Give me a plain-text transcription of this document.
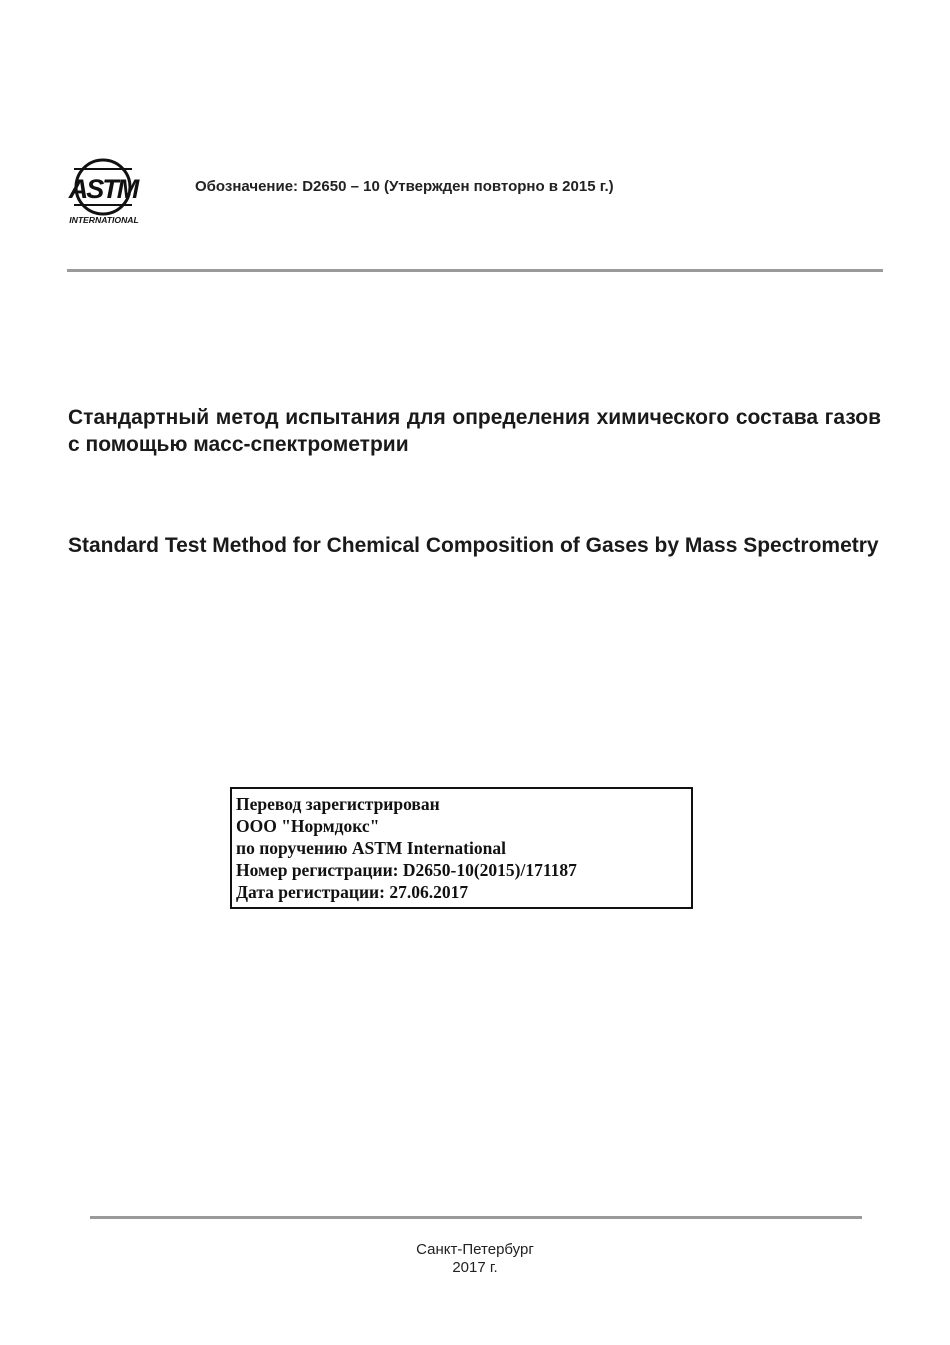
ASTM
INTERNATIONAL
Обозначение: D2650 – 10 (Утвержден повторно в 2015 г.)

Стандартный метод испытания для определения химического состава газов с помощью масс-спектрометрии

Standard Test Method for Chemical Composition of Gases by Mass Spectrometry

Перевод зарегистрирован
ООО "Нормдокс"
по поручению ASTM International
Номер регистрации: D2650-10(2015)/171187
Дата регистрации: 27.06.2017
Санкт-Петербург
2017 г.
